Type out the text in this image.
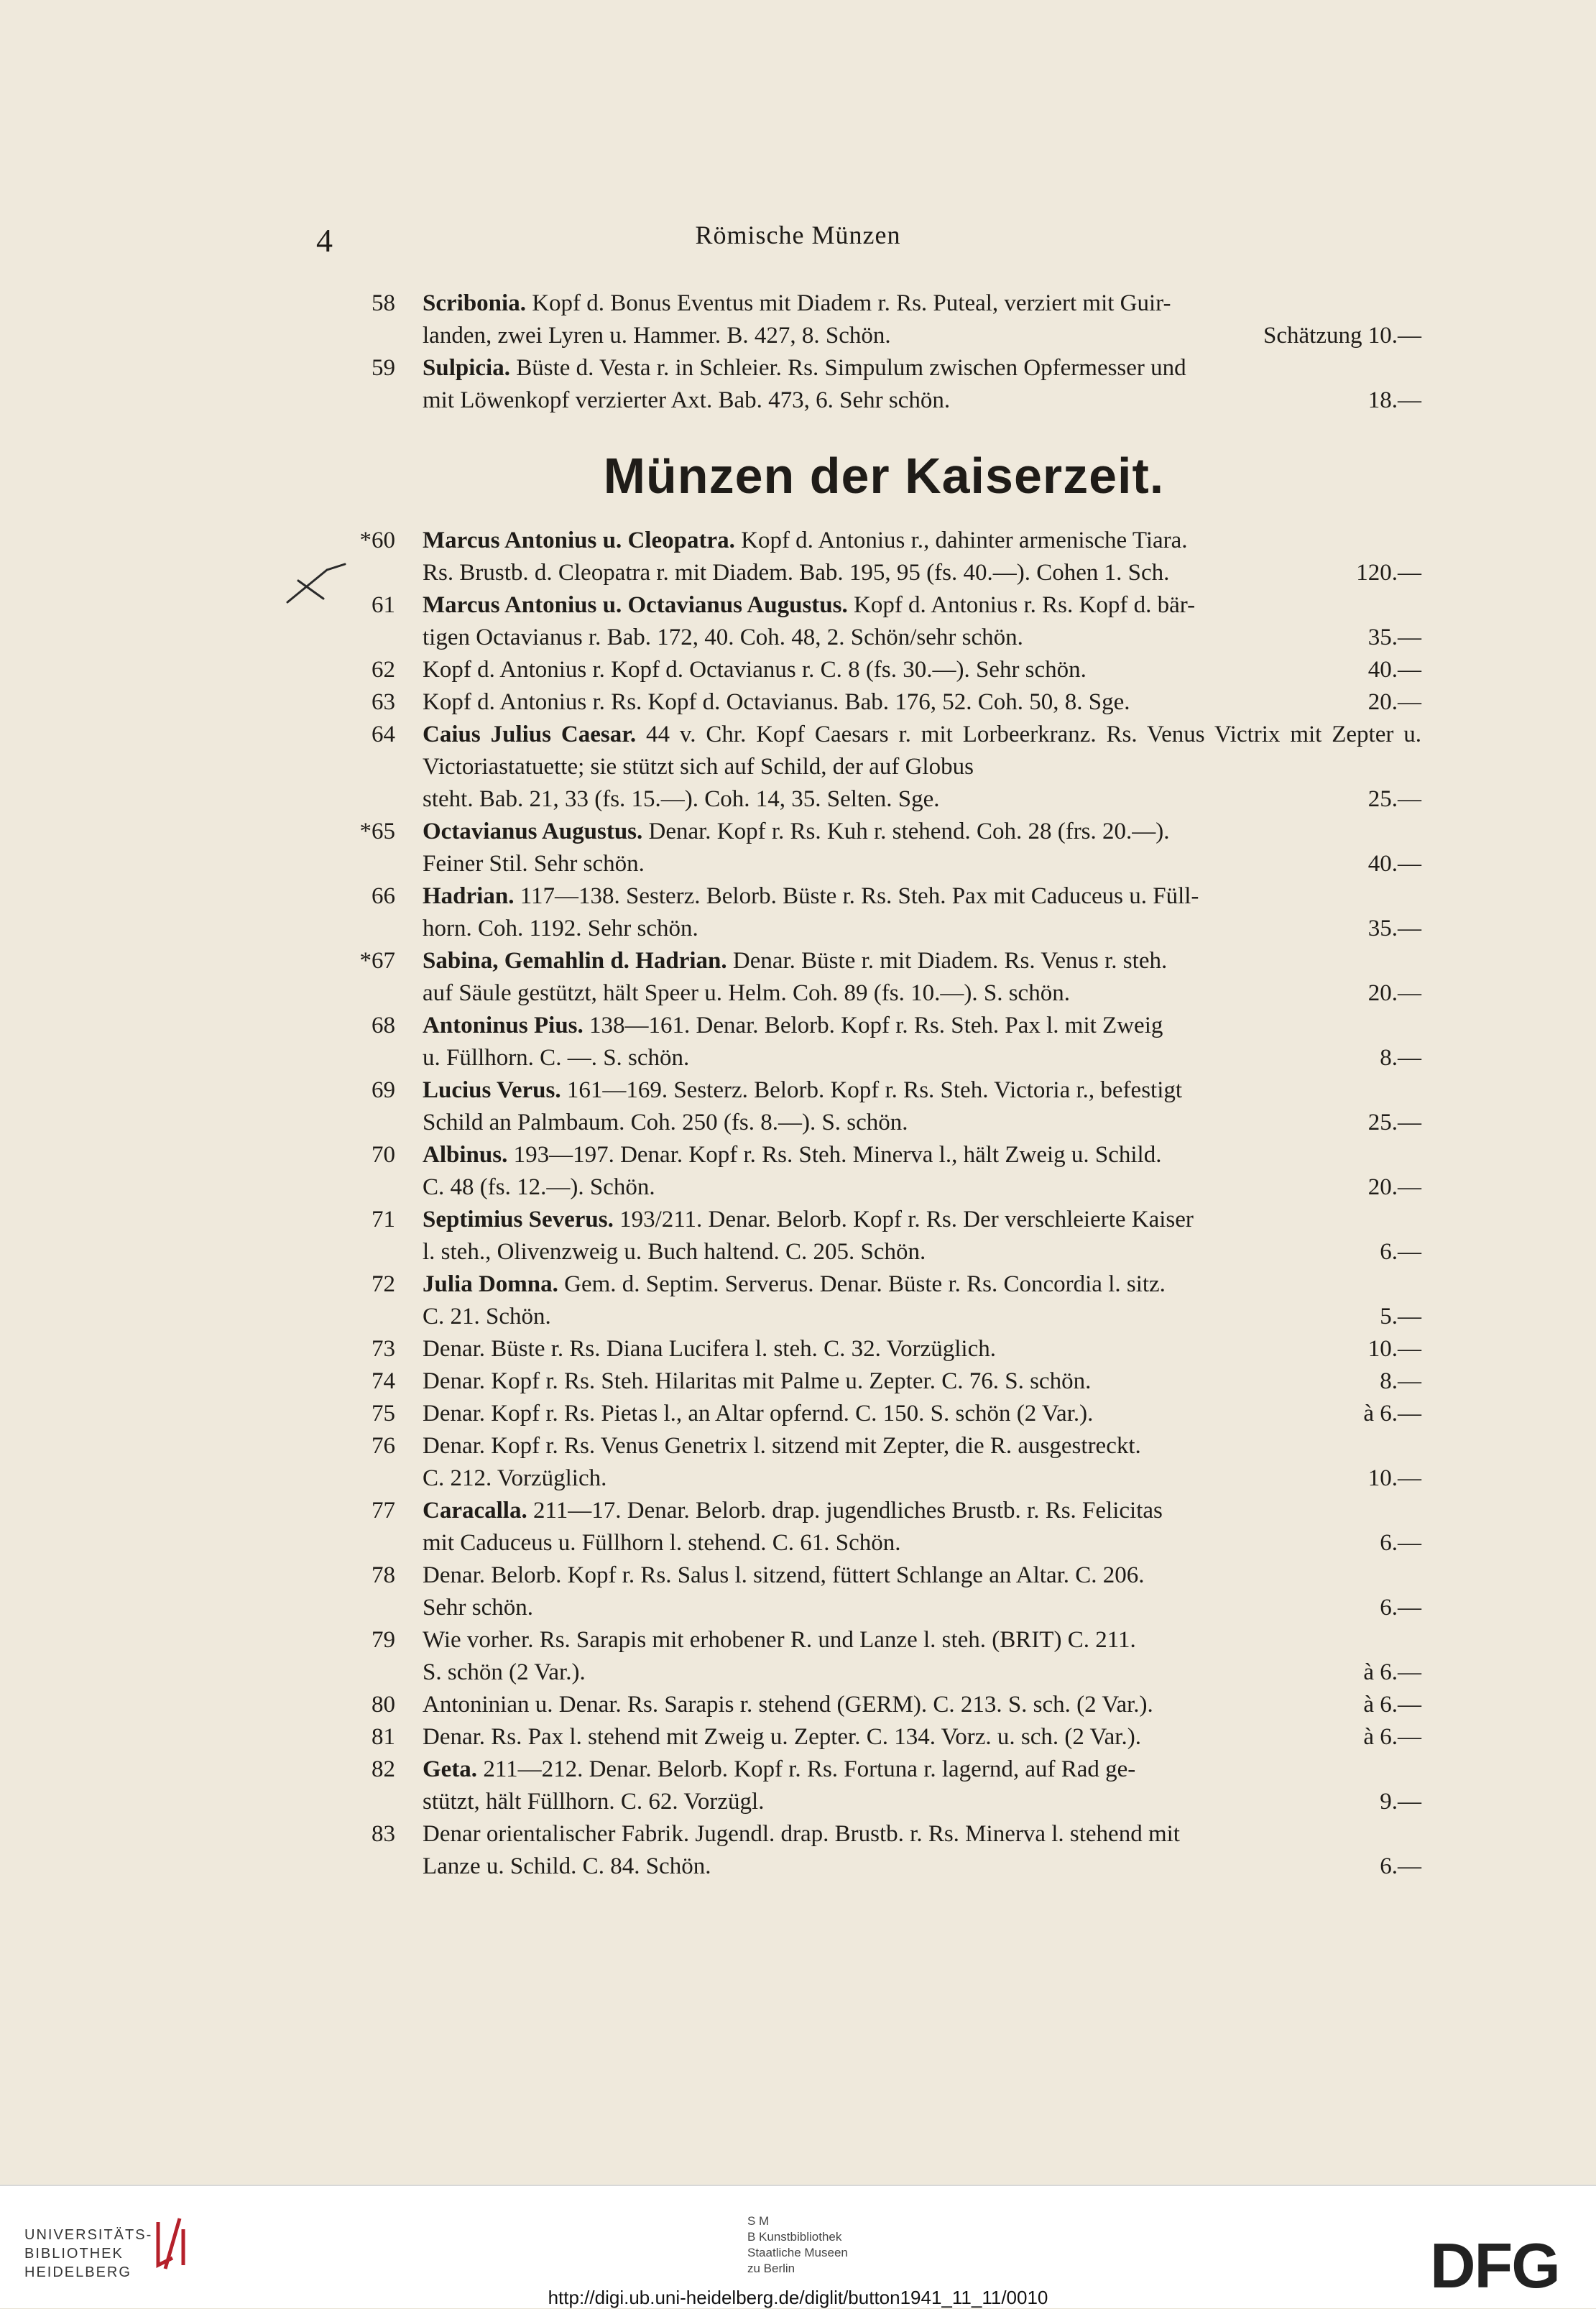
4	Römische Münzen
58 Scribonia. Kopf d. Bonus Eventus mit Diadem r. Rs. Puteal, verziert mit Guir-
landen, zwei Lyren u. Hammer. B. 427, 8. Schön.	Schätzung 10.—
59 Sulpicia. Büste d. Vesta r. in Schleier. Rs. Simpulum zwischen Opfermesser und
mit Löwenkopf verzierter Axt. Bab. 473, 6. Sehr schön.	18.—
Münzen der Kaiserzeit.
*60 Marcus Antonius u. Cleopatra. Kopf d. Antonius r., dahinter armenische Tiara.
Rs. Brustb. d. Cleopatra r. mit Diadem. Bab. 195, 95 (fs. 40.—). Cohen 1. Sch.	120.—
61 Marcus Antonius u. Octavianus Augustus. Kopf d. Antonius r. Rs. Kopf d. bär-
tigen Octavianus r. Bab. 172, 40. Coh. 48, 2. Schön/sehr schön.	35.—
62 Kopf d. Antonius r. Kopf d. Octavianus r. C. 8 (fs. 30.—). Sehr schön.	40.—
63 Kopf d. Antonius r. Rs. Kopf d. Octavianus. Bab. 176, 52. Coh. 50, 8. Sge.	20.—
64 Caius Julius Caesar. 44 v. Chr. Kopf Caesars r. mit Lorbeerkranz. Rs. Venus Victrix mit Zepter u. Victoriastatuette; sie stützt sich auf Schild, der auf Globus
steht. Bab. 21, 33 (fs. 15.—). Coh. 14, 35. Selten. Sge.	25.—
*65 Octavianus Augustus. Denar. Kopf r. Rs. Kuh r. stehend. Coh. 28 (frs. 20.—).
Feiner Stil. Sehr schön.	40.—
66 Hadrian. 117—138. Sesterz. Belorb. Büste r. Rs. Steh. Pax mit Caduceus u. Füll-
horn. Coh. 1192. Sehr schön.	35.—
*67 Sabina, Gemahlin d. Hadrian. Denar. Büste r. mit Diadem. Rs. Venus r. steh.
auf Säule gestützt, hält Speer u. Helm. Coh. 89 (fs. 10.—). S. schön.	20.—
68 Antoninus Pius. 138—161. Denar. Belorb. Kopf r. Rs. Steh. Pax l. mit Zweig
u. Füllhorn. C. —. S. schön.	8.—
69 Lucius Verus. 161—169. Sesterz. Belorb. Kopf r. Rs. Steh. Victoria r., befestigt
Schild an Palmbaum. Coh. 250 (fs. 8.—). S. schön.	25.—
70 Albinus. 193—197. Denar. Kopf r. Rs. Steh. Minerva l., hält Zweig u. Schild.
C. 48 (fs. 12.—). Schön.	20.—
71 Septimius Severus. 193/211. Denar. Belorb. Kopf r. Rs. Der verschleierte Kaiser
l. steh., Olivenzweig u. Buch haltend. C. 205. Schön.	6.—
72 Julia Domna. Gem. d. Septim. Serverus. Denar. Büste r. Rs. Concordia l. sitz.
C. 21. Schön.	5.—
73 Denar. Büste r. Rs. Diana Lucifera l. steh. C. 32. Vorzüglich.	10.—
74 Denar. Kopf r. Rs. Steh. Hilaritas mit Palme u. Zepter. C. 76. S. schön.	8.—
75 Denar. Kopf r. Rs. Pietas l., an Altar opfernd. C. 150. S. schön (2 Var.).	à 6.—
76 Denar. Kopf r. Rs. Venus Genetrix l. sitzend mit Zepter, die R. ausgestreckt.
C. 212. Vorzüglich.	10.—
77 Caracalla. 211—17. Denar. Belorb. drap. jugendliches Brustb. r. Rs. Felicitas
mit Caduceus u. Füllhorn l. stehend. C. 61. Schön.	6.—
78 Denar. Belorb. Kopf r. Rs. Salus l. sitzend, füttert Schlange an Altar. C. 206.
Sehr schön.	6.—
79 Wie vorher. Rs. Sarapis mit erhobener R. und Lanze l. steh. (BRIT) C. 211.
S. schön (2 Var.).	à 6.—
80 Antoninian u. Denar. Rs. Sarapis r. stehend (GERM). C. 213. S. sch. (2 Var.).	à 6.—
81 Denar. Rs. Pax l. stehend mit Zweig u. Zepter. C. 134. Vorz. u. sch. (2 Var.).	à 6.—
82 Geta. 211—212. Denar. Belorb. Kopf r. Rs. Fortuna r. lagernd, auf Rad ge-
stützt, hält Füllhorn. C. 62. Vorzügl.	9.—
83 Denar orientalischer Fabrik. Jugendl. drap. Brustb. r. Rs. Minerva l. stehend mit
Lanze u. Schild. C. 84. Schön.	6.—
UNIVERSITÄTS-
BIBLIOTHEK
HEIDELBERG
S M
B Kunstbibliothek
Staatliche Museen
zu Berlin	DFG
http://digi.ub.uni-heidelberg.de/diglit/button1941_11_11/0010
